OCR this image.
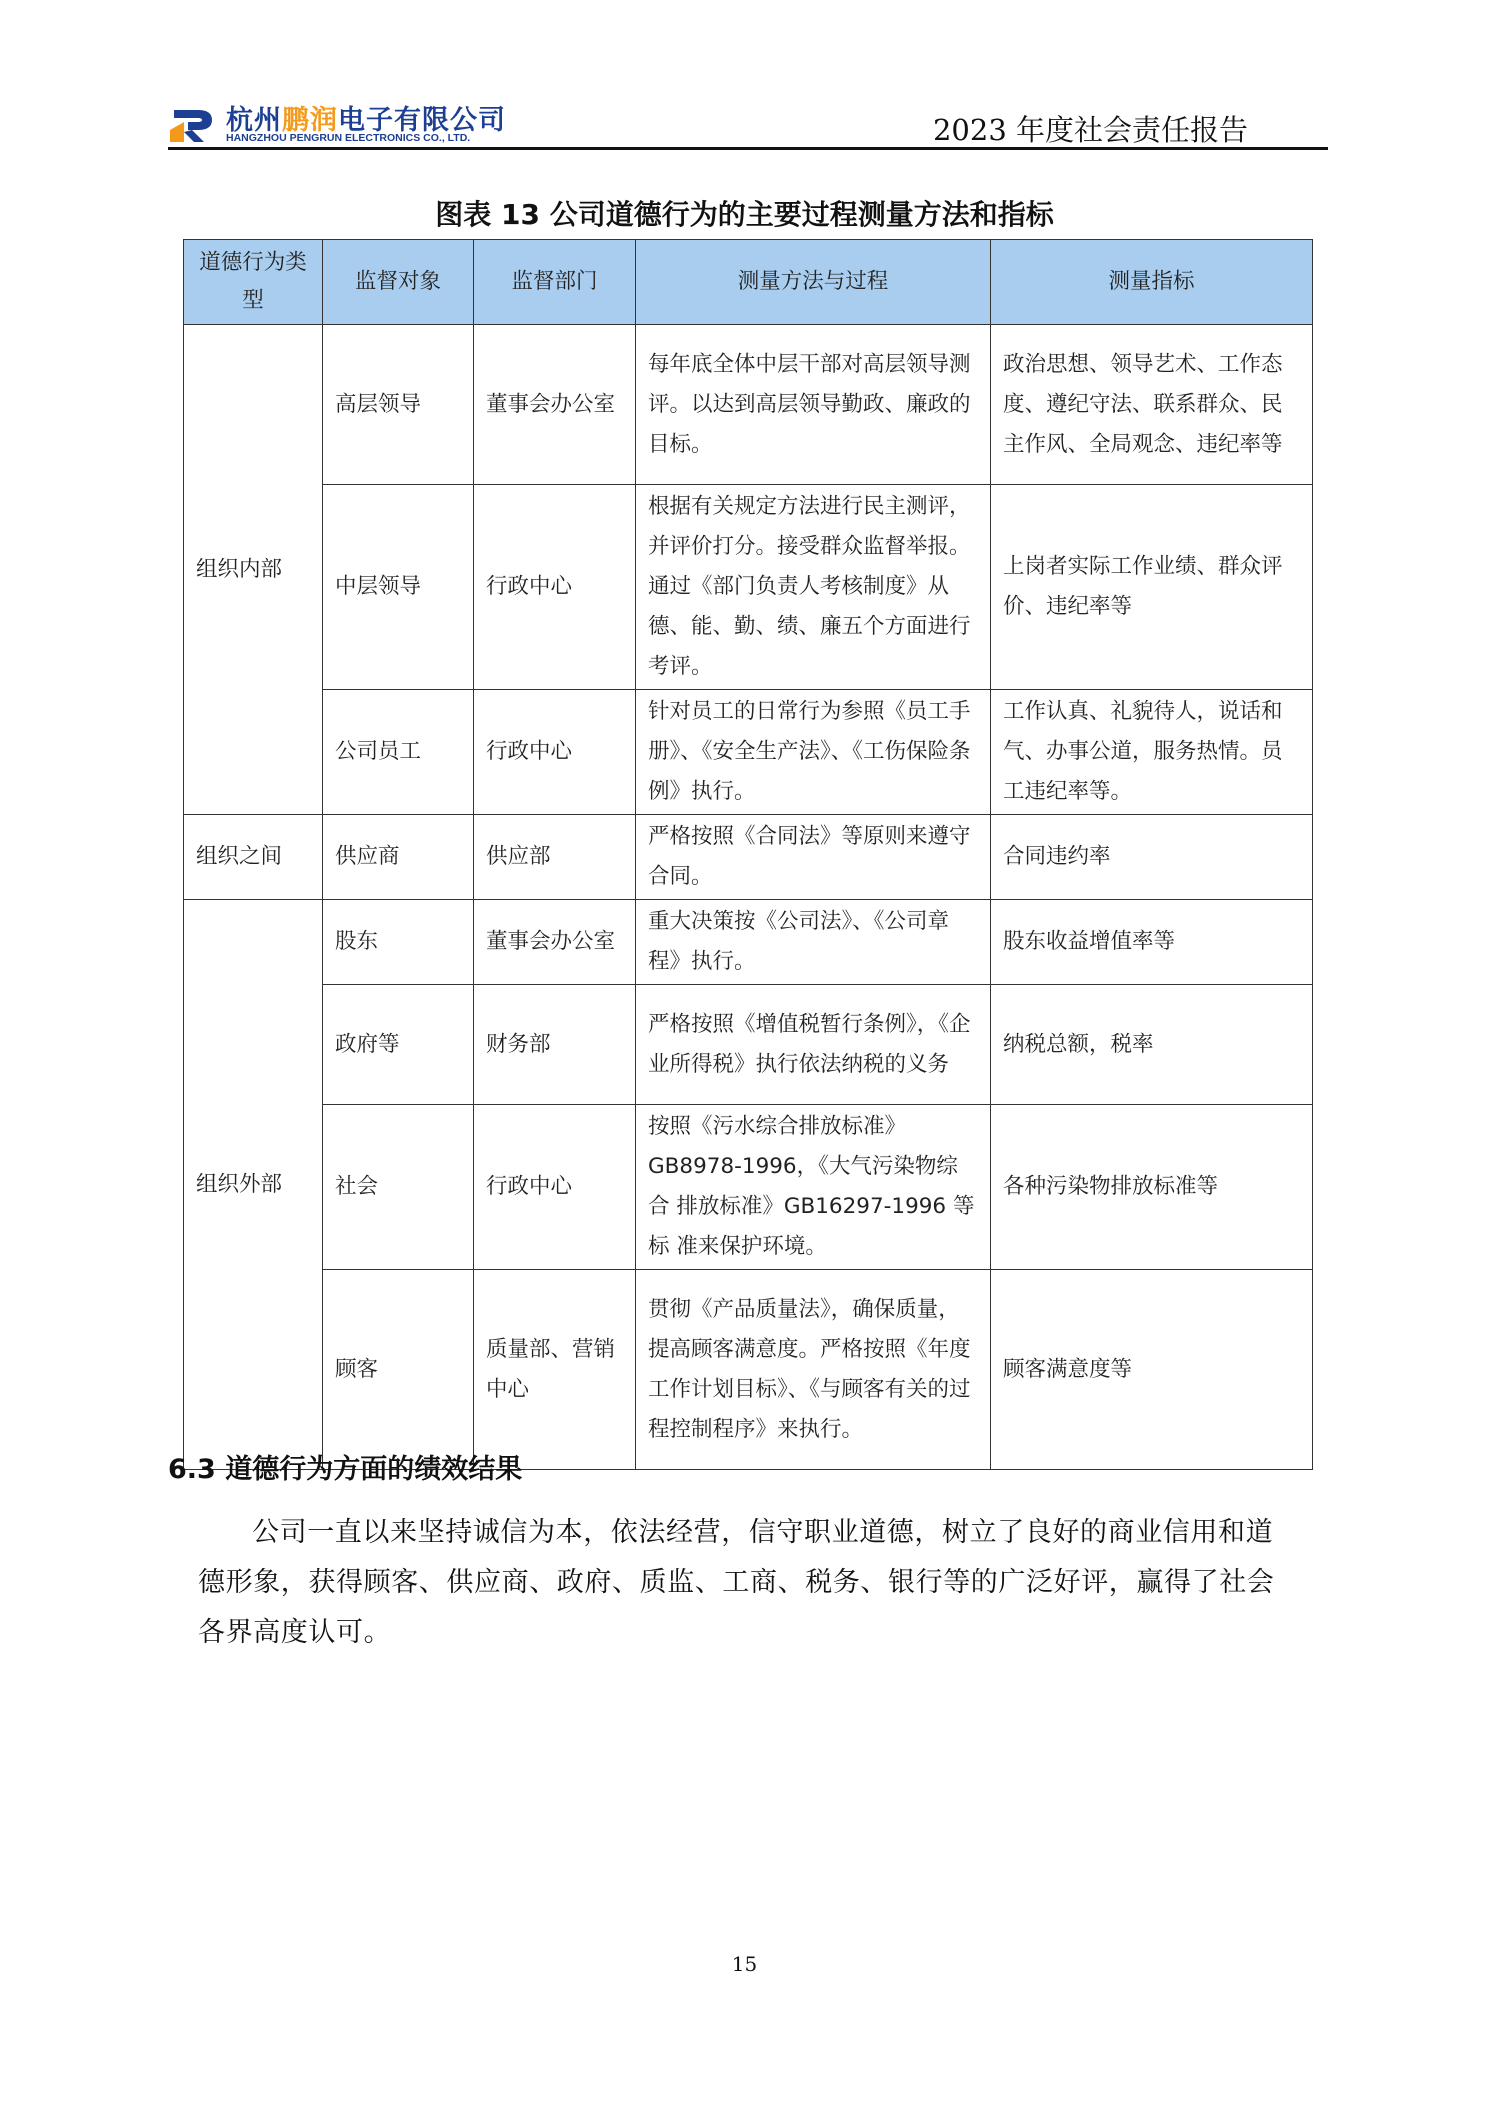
杭州鹏润电子有限公司
HANGZHOU PENGRUN ELECTRONICS CO., LTD.	2023 年度社会责任报告
图表 13 公司道德行为的主要过程测量方法和指标
道德行为类型	监督对象	监督部门	测量方法与过程	测量指标
组织内部	高层领导	董事会办公室	每年底全体中层干部对高层领导测评。以达到高层领导勤政、廉政的目标。	政治思想、领导艺术、工作态度、遵纪守法、联系群众、民主作风、全局观念、违纪率等
	中层领导	行政中心	根据有关规定方法进行民主测评，并评价打分。接受群众监督举报。通过《部门负责人考核制度》从德、能、勤、绩、廉五个方面进行考评。	上岗者实际工作业绩、群众评价、违纪率等
	公司员工	行政中心	针对员工的日常行为参照《员工手册》、《安全生产法》、《工伤保险条例》执行。	工作认真、礼貌待人，说话和气、办事公道，服务热情。员工违纪率等。
组织之间	供应商	供应部	严格按照《合同法》等原则来遵守合同。	合同违约率
组织外部	股东	董事会办公室	重大决策按《公司法》、《公司章程》执行。	股东收益增值率等
	政府等	财务部	严格按照《增值税暂行条例》，《企业所得税》执行依法纳税的义务	纳税总额，税率
	社会	行政中心	按照《污水综合排放标准》GB8978-1996，《大气污染物综合 排放标准》GB16297-1996 等标 准来保护环境。	各种污染物排放标准等
	顾客	质量部、营销中心	贯彻《产品质量法》，确保质量，提高顾客满意度。严格按照《年度工作计划目标》、《与顾客有关的过程控制程序》来执行。	顾客满意度等
6.3 道德行为方面的绩效结果
公司一直以来坚持诚信为本，依法经营，信守职业道德，树立了良好的商业信用和道德形象，获得顾客、供应商、政府、质监、工商、税务、银行等的广泛好评，赢得了社会各界高度认可。
15
